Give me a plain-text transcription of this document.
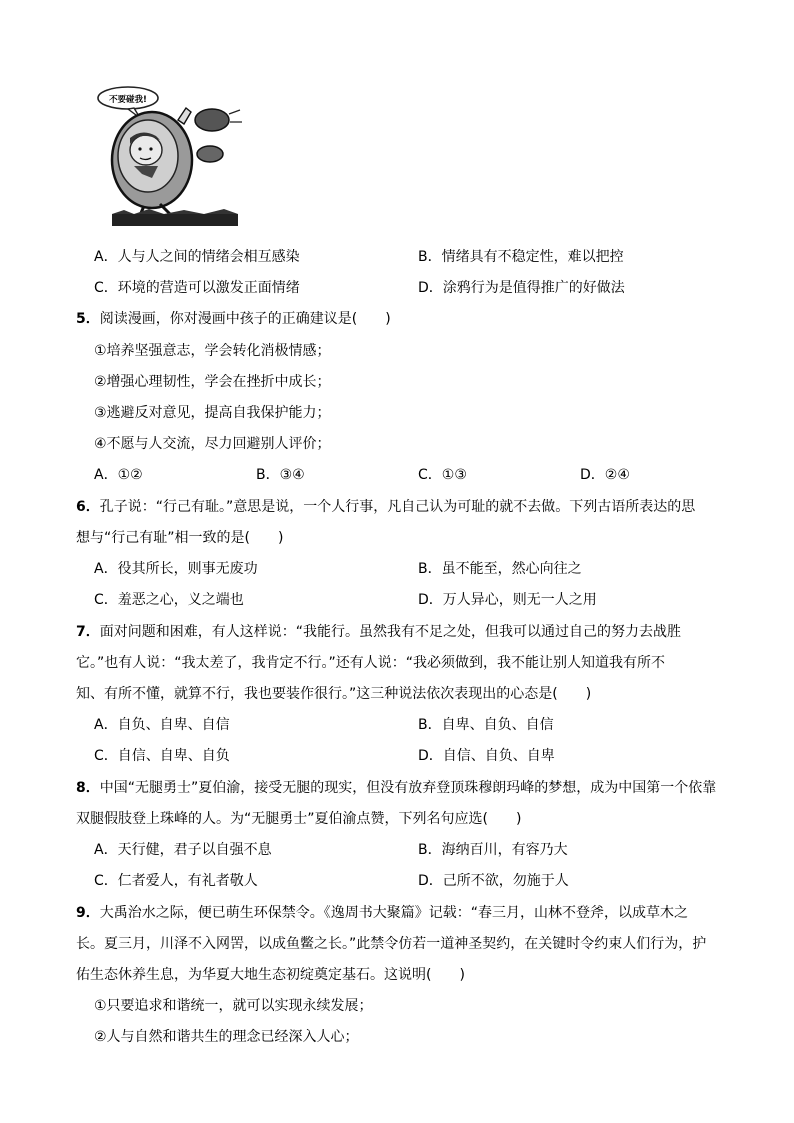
不要碰我!
A．人与人之间的情绪会相互感染	B．情绪具有不稳定性，难以把控
C．环境的营造可以激发正面情绪	D．涂鸦行为是值得推广的好做法
5．阅读漫画，你对漫画中孩子的正确建议是(　　)
①培养坚强意志，学会转化消极情感；
②增强心理韧性，学会在挫折中成长；
③逃避反对意见，提高自我保护能力；
④不愿与人交流，尽力回避别人评价；
A．①②	B．③④	C．①③	D．②④
6．孔子说：“行己有耻。”意思是说，一个人行事，凡自己认为可耻的就不去做。下列古语所表达的思
想与“行己有耻”相一致的是(　　)
A．役其所长，则事无废功	B．虽不能至，然心向往之
C．羞恶之心，义之端也	D．万人异心，则无一人之用
7．面对问题和困难，有人这样说：“我能行。虽然我有不足之处，但我可以通过自己的努力去战胜
它。”也有人说：“我太差了，我肯定不行。”还有人说：“我必须做到，我不能让别人知道我有所不
知、有所不懂，就算不行，我也要装作很行。”这三种说法依次表现出的心态是(　　)
A．自负、自卑、自信	B．自卑、自负、自信
C．自信、自卑、自负	D．自信、自负、自卑
8．中国“无腿勇士”夏伯渝，接受无腿的现实，但没有放弃登顶珠穆朗玛峰的梦想，成为中国第一个依靠
双腿假肢登上珠峰的人。为“无腿勇士”夏伯渝点赞，下列名句应选(　　)
A．天行健，君子以自强不息	B．海纳百川，有容乃大
C．仁者爱人，有礼者敬人	D．己所不欲，勿施于人
9．大禹治水之际，便已萌生环保禁令。《逸周书大聚篇》记载：“春三月，山林不登斧，以成草木之
长。夏三月，川泽不入网罟，以成鱼鳖之长。”此禁令仿若一道神圣契约，在关键时令约束人们行为，护
佑生态休养生息，为华夏大地生态初绽奠定基石。这说明(　　)
①只要追求和谐统一，就可以实现永续发展；
②人与自然和谐共生的理念已经深入人心；
